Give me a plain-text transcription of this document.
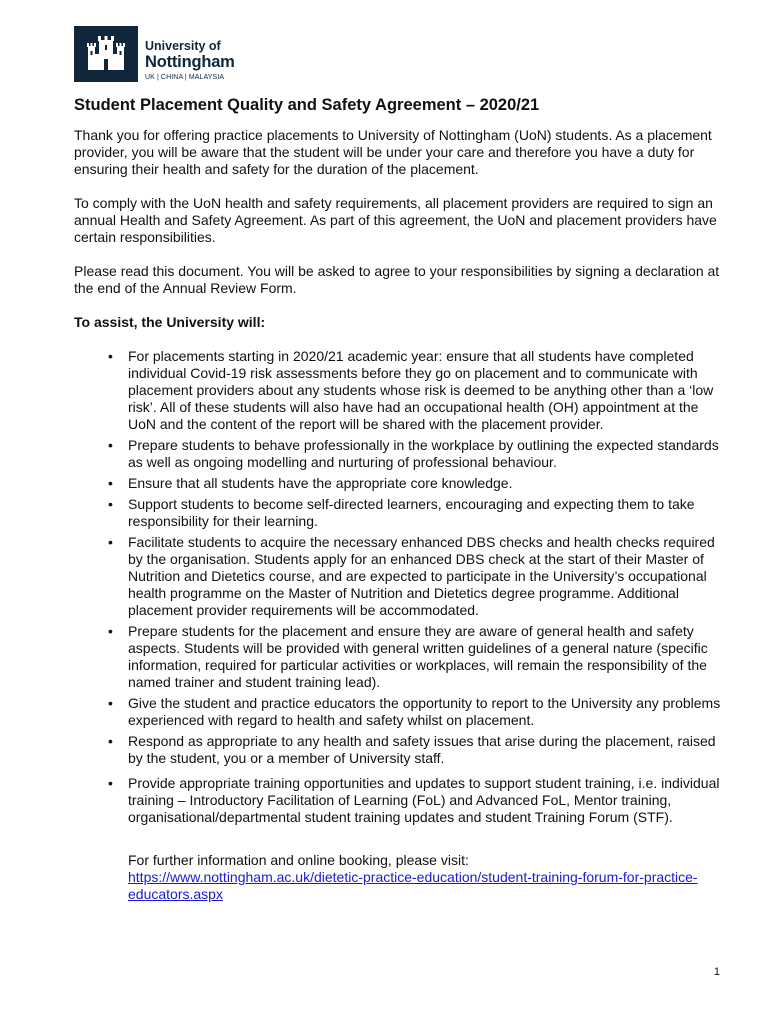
University of
Nottingham
UK | CHINA | MALAYSIA
Student Placement Quality and Safety Agreement – 2020/21

Thank you for offering practice placements to University of Nottingham (UoN) students. As a placement provider, you will be aware that the student will be under your care and therefore you have a duty for ensuring their health and safety for the duration of the placement.

To comply with the UoN health and safety requirements, all placement providers are required to sign an annual Health and Safety Agreement. As part of this agreement, the UoN and placement providers have certain responsibilities.

Please read this document. You will be asked to agree to your responsibilities by signing a declaration at the end of the Annual Review Form.

To assist, the University will:

• For placements starting in 2020/21 academic year: ensure that all students have completed individual Covid-19 risk assessments before they go on placement and to communicate with placement providers about any students whose risk is deemed to be anything other than a ‘low risk’. All of these students will also have had an occupational health (OH) appointment at the UoN and the content of the report will be shared with the placement provider.
• Prepare students to behave professionally in the workplace by outlining the expected standards as well as ongoing modelling and nurturing of professional behaviour.
• Ensure that all students have the appropriate core knowledge.
• Support students to become self-directed learners, encouraging and expecting them to take responsibility for their learning.
• Facilitate students to acquire the necessary enhanced DBS checks and health checks required by the organisation. Students apply for an enhanced DBS check at the start of their Master of Nutrition and Dietetics course, and are expected to participate in the University’s occupational health programme on the Master of Nutrition and Dietetics degree programme. Additional placement provider requirements will be accommodated.
• Prepare students for the placement and ensure they are aware of general health and safety aspects. Students will be provided with general written guidelines of a general nature (specific information, required for particular activities or workplaces, will remain the responsibility of the named trainer and student training lead).
• Give the student and practice educators the opportunity to report to the University any problems experienced with regard to health and safety whilst on placement.
• Respond as appropriate to any health and safety issues that arise during the placement, raised by the student, you or a member of University staff.
• Provide appropriate training opportunities and updates to support student training, i.e. individual training – Introductory Facilitation of Learning (FoL) and Advanced FoL, Mentor training, organisational/departmental student training updates and student Training Forum (STF).
For further information and online booking, please visit:
https://www.nottingham.ac.uk/dietetic-practice-education/student-training-forum-for-practice-educators.aspx
1
